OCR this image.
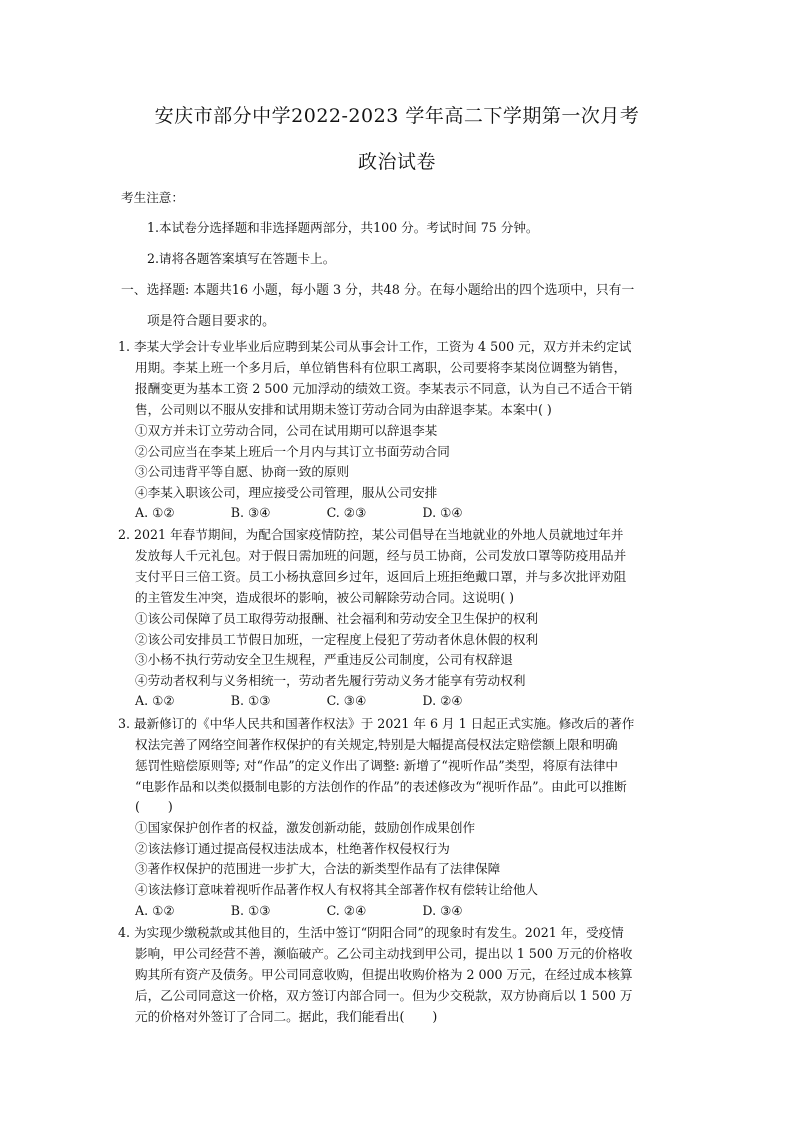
安庆市部分中学2022-2023 学年高二下学期第一次月考
政治试卷
考生注意：
1.本试卷分选择题和非选择题两部分，共100 分。考试时间 75 分钟。
2.请将各题答案填写在答题卡上。
一、选择题: 本题共16 小题，每小题 3 分，共48 分。在每小题给出的四个选项中，只有一
项是符合题目要求的。
1. 李某大学会计专业毕业后应聘到某公司从事会计工作，工资为 4 500 元，双方并未约定试
用期。李某上班一个多月后，单位销售科有位职工离职，公司要将李某岗位调整为销售，
报酬变更为基本工资 2 500 元加浮动的绩效工资。李某表示不同意，认为自己不适合干销
售，公司则以不服从安排和试用期未签订劳动合同为由辞退李某。本案中( )
①双方并未订立劳动合同，公司在试用期可以辞退李某
②公司应当在李某上班后一个月内与其订立书面劳动合同
③公司违背平等自愿、协商一致的原则
④李某入职该公司，理应接受公司管理，服从公司安排
A. ①②              B. ③④              C. ②③              D. ①④
2. 2021 年春节期间，为配合国家疫情防控，某公司倡导在当地就业的外地人员就地过年并
发放每人千元礼包。对于假日需加班的问题，经与员工协商，公司发放口罩等防疫用品并
支付平日三倍工资。员工小杨执意回乡过年，返回后上班拒绝戴口罩，并与多次批评劝阻
的主管发生冲突，造成很坏的影响，被公司解除劳动合同。这说明( )
①该公司保障了员工取得劳动报酬、社会福利和劳动安全卫生保护的权利
②该公司安排员工节假日加班，一定程度上侵犯了劳动者休息休假的权利
③小杨不执行劳动安全卫生规程，严重违反公司制度，公司有权辞退
④劳动者权利与义务相统一，劳动者先履行劳动义务才能享有劳动权利
A. ①②              B. ①③              C. ③④              D. ②④
3. 最新修订的《中华人民共和国著作权法》于 2021 年 6 月 1 日起正式实施。修改后的著作
权法完善了网络空间著作权保护的有关规定,特别是大幅提高侵权法定赔偿额上限和明确
惩罚性赔偿原则等; 对“作品”的定义作出了调整: 新增了“视听作品”类型，将原有法律中
“电影作品和以类似摄制电影的方法创作的作品”的表述修改为“视听作品”。由此可以推断
(       )
①国家保护创作者的权益，激发创新动能，鼓励创作成果创作
②该法修订通过提高侵权违法成本，杜绝著作权侵权行为
③著作权保护的范围进一步扩大，合法的新类型作品有了法律保障
④该法修订意味着视听作品著作权人有权将其全部著作权有偿转让给他人
A. ①②              B. ①③              C. ②④              D. ③④
4. 为实现少缴税款或其他目的，生活中签订“阴阳合同”的现象时有发生。2021 年，受疫情
影响，甲公司经营不善，濒临破产。乙公司主动找到甲公司，提出以 1 500 万元的价格收
购其所有资产及债务。甲公司同意收购，但提出收购价格为 2 000 万元，在经过成本核算
后，乙公司同意这一价格，双方签订内部合同一。但为少交税款，双方协商后以 1 500 万
元的价格对外签订了合同二。据此，我们能看出(       )
